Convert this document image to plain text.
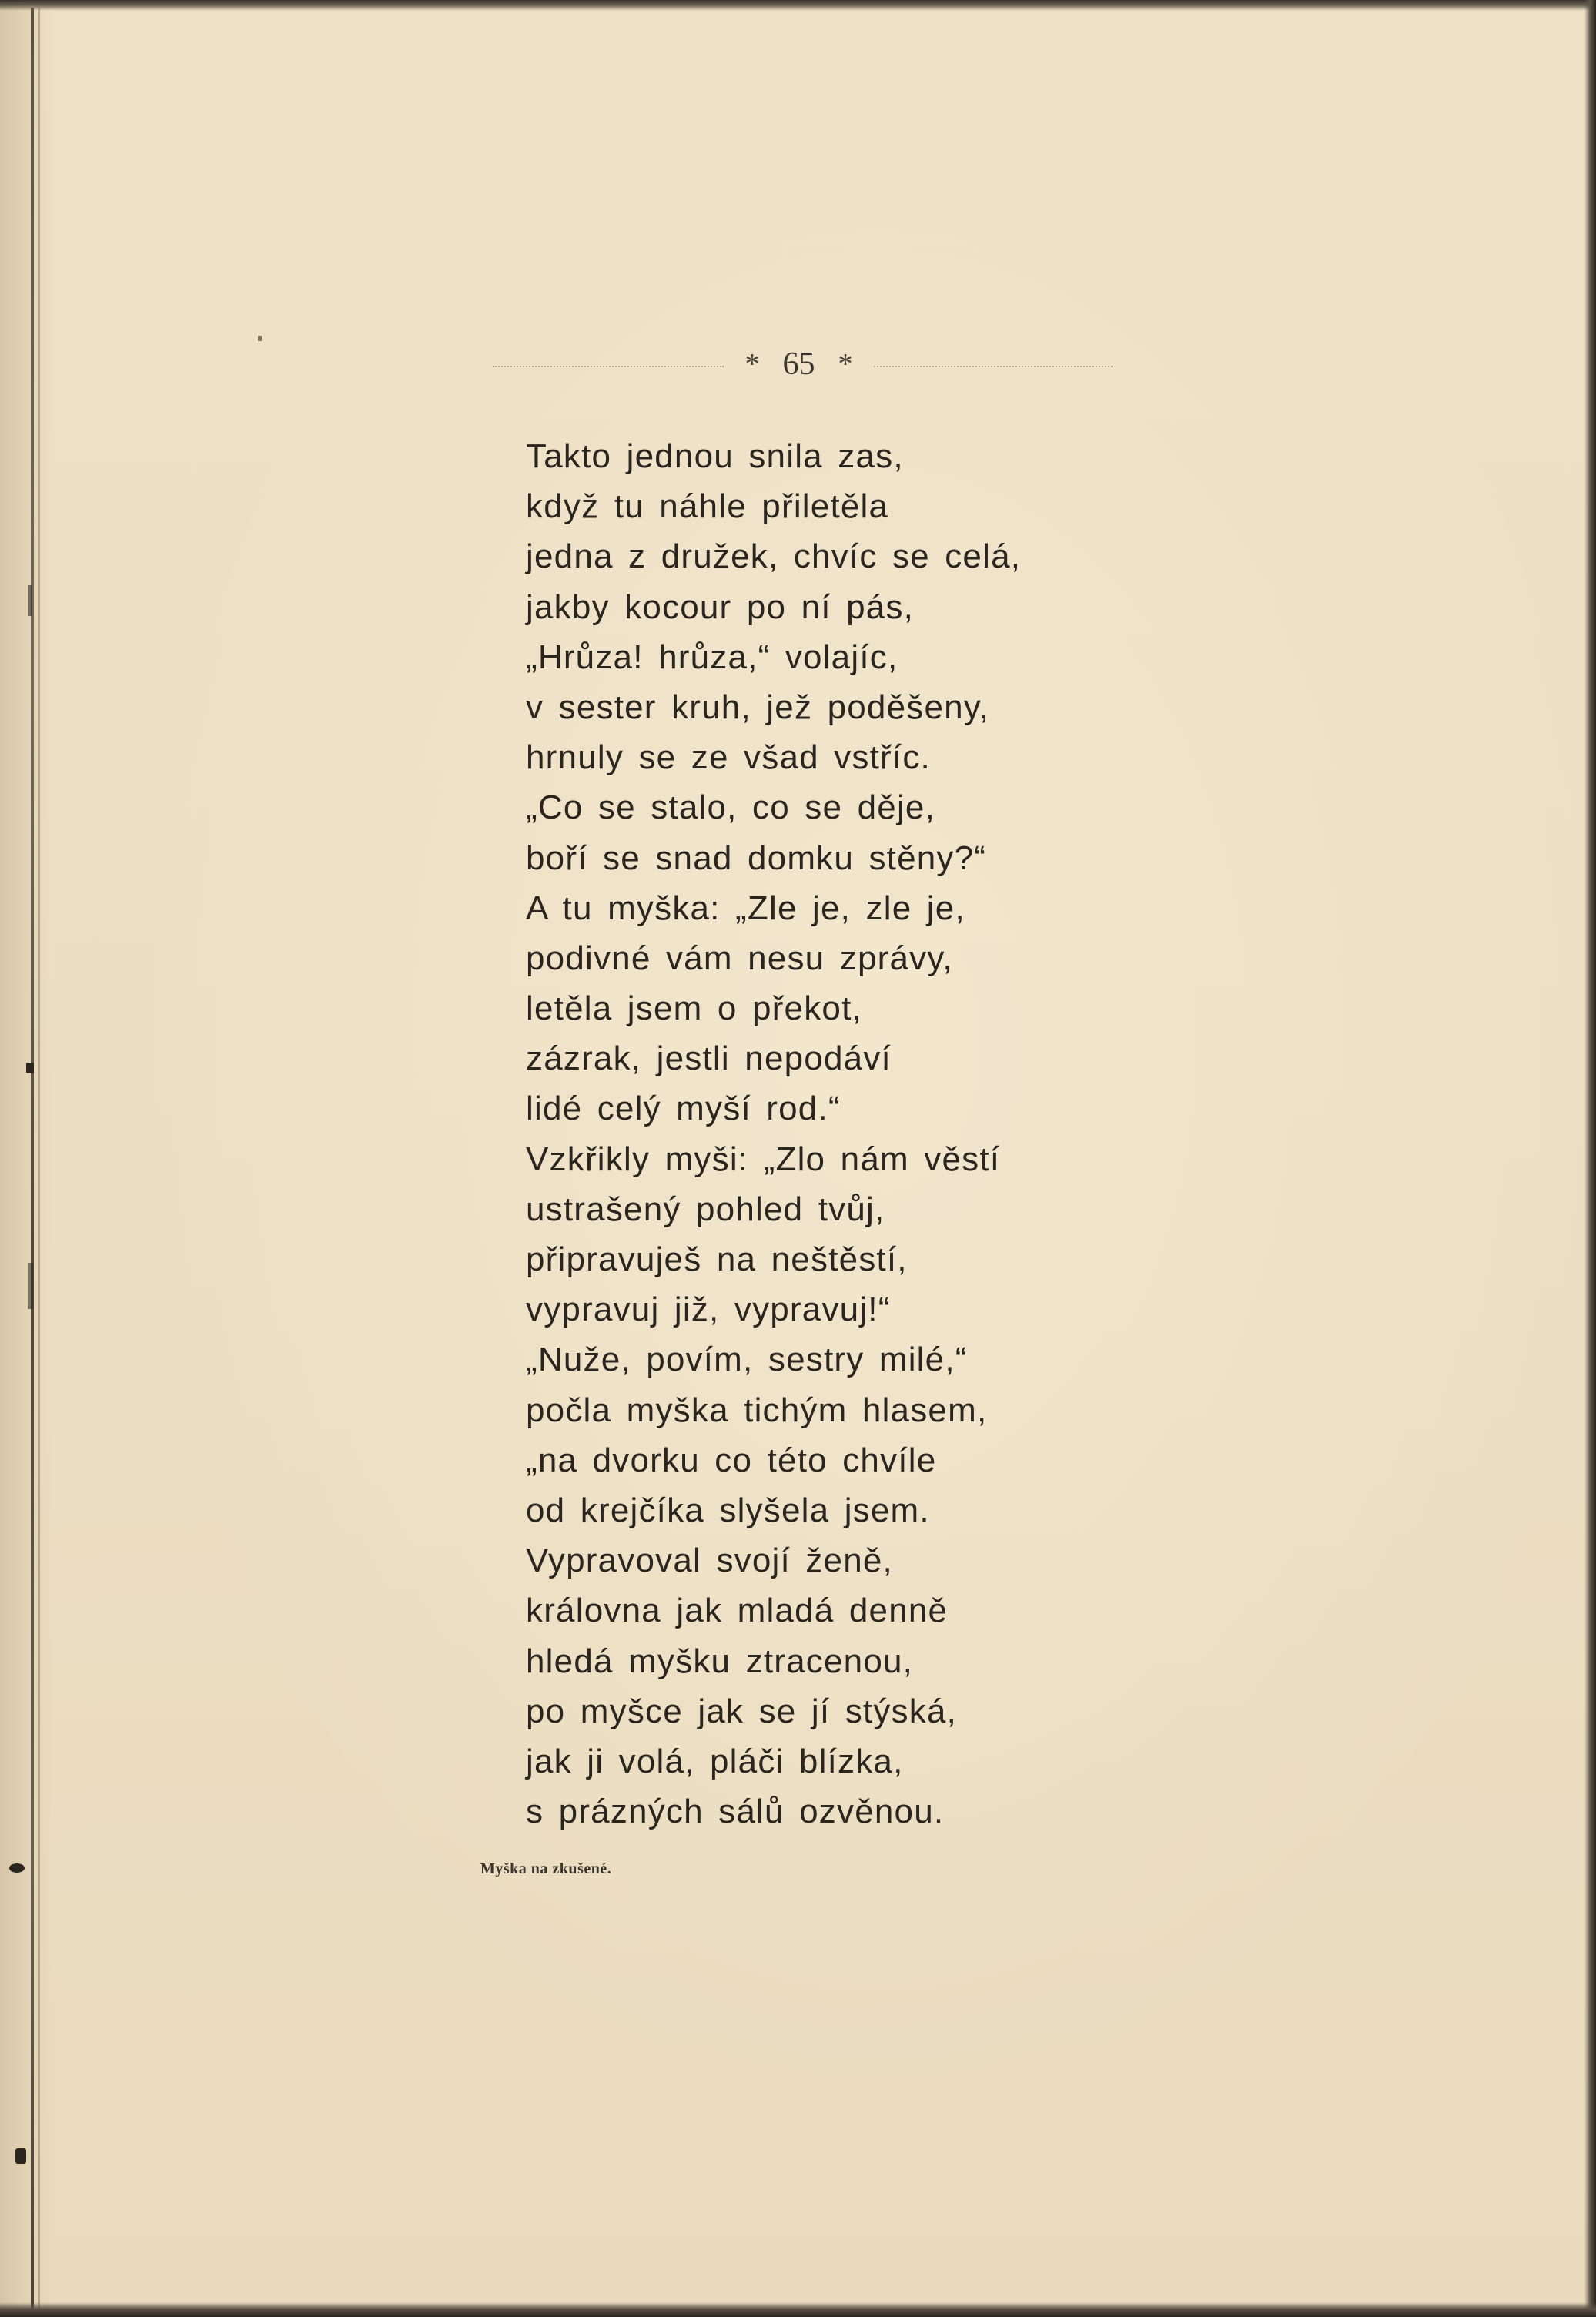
* 65 *
Takto jednou snila zas,
když tu náhle přiletěla
jedna z družek, chvíc se celá,
jakby kocour po ní pás,
„Hrůza! hrůza,“ volajíc,
v sester kruh, jež poděšeny,
hrnuly se ze všad vstříc.
„Co se stalo, co se děje,
boří se snad domku stěny?“
A tu myška: „Zle je, zle je,
podivné vám nesu zprávy,
letěla jsem o překot,
zázrak, jestli nepodáví
lidé celý myší rod.“
Vzkřikly myši: „Zlo nám věstí
ustrašený pohled tvůj,
připravuješ na neštěstí,
vypravuj již, vypravuj!“
„Nuže, povím, sestry milé,“
počla myška tichým hlasem,
„na dvorku co této chvíle
od krejčíka slyšela jsem.
Vypravoval svojí ženě,
královna jak mladá denně
hledá myšku ztracenou,
po myšce jak se jí stýská,
jak ji volá, pláči blízka,
s prázných sálů ozvěnou.
Myška na zkušené.
